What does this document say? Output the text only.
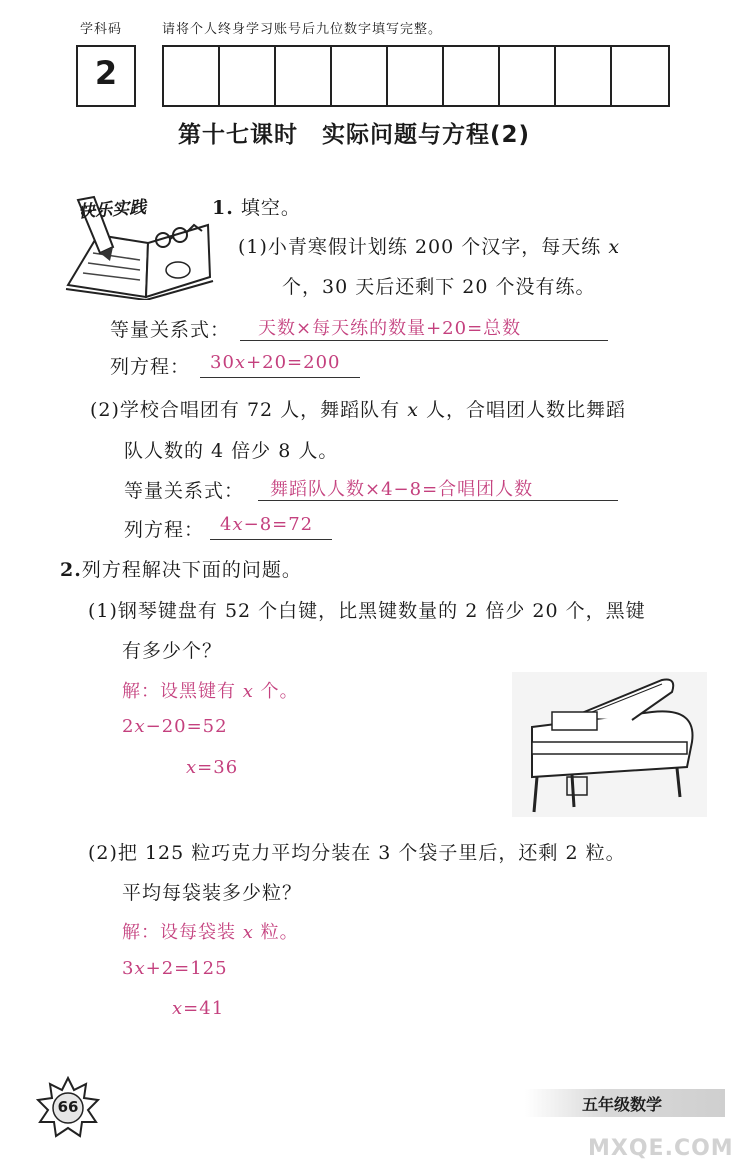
学科码	请将个人终身学习账号后九位数字填写完整。
2
第十七课时　实际问题与方程(2)
快乐实践	1. 填空。
(1)小青寒假计划练 200 个汉字，每天练 x
个，30 天后还剩下 20 个没有练。
等量关系式： 天数×每天练的数量+20=总数
列方程： 30x+20=200
(2)学校合唱团有 72 人，舞蹈队有 x 人，合唱团人数比舞蹈
队人数的 4 倍少 8 人。
等量关系式： 舞蹈队人数×4−8=合唱团人数
列方程： 4x−8=72
2.列方程解决下面的问题。
(1)钢琴键盘有 52 个白键，比黑键数量的 2 倍少 20 个，黑键
有多少个？
解：设黑键有 x 个。
2x−20=52
x=36
(2)把 125 粒巧克力平均分装在 3 个袋子里后，还剩 2 粒。
平均每袋装多少粒？
解：设每袋装 x 粒。
3x+2=125
x=41
66	五年级数学
MXQE.COM
